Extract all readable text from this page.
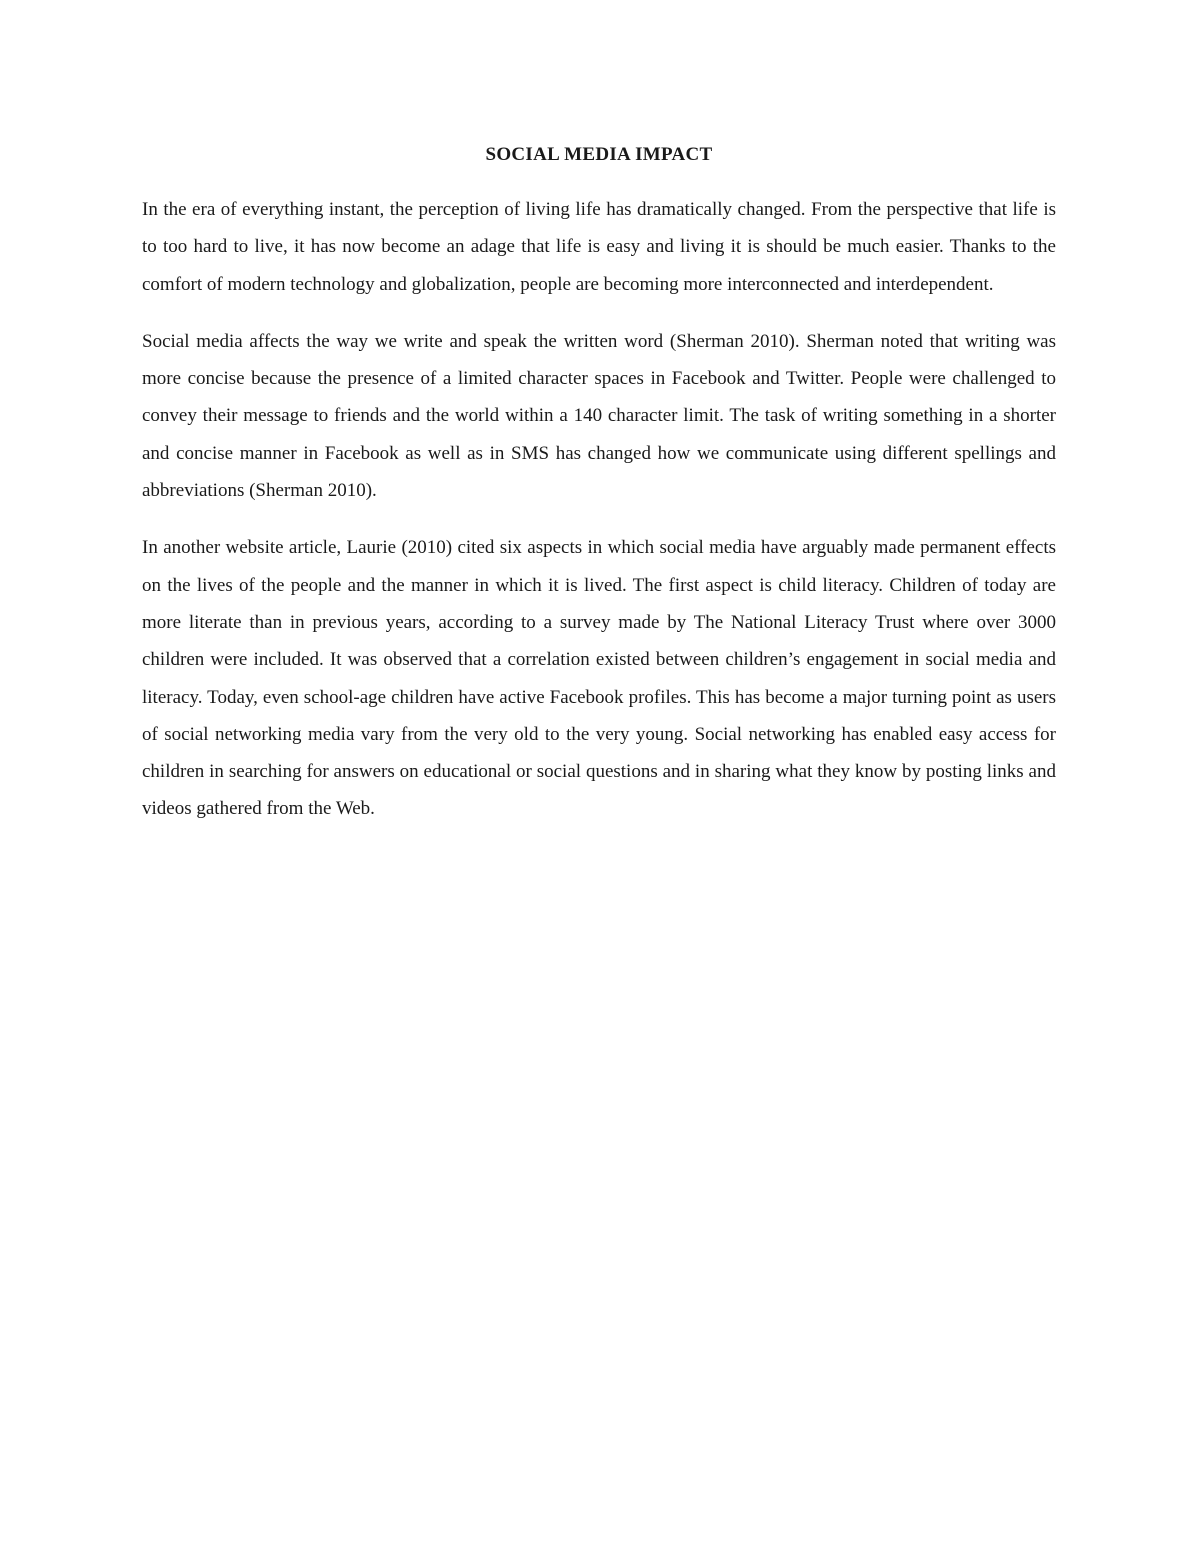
SOCIAL MEDIA IMPACT

In the era of everything instant, the perception of living life has dramatically changed. From the perspective that life is to too hard to live, it has now become an adage that life is easy and living it is should be much easier. Thanks to the comfort of modern technology and globalization, people are becoming more interconnected and interdependent.

Social media affects the way we write and speak the written word (Sherman 2010). Sherman noted that writing was more concise because the presence of a limited character spaces in Facebook and Twitter. People were challenged to convey their message to friends and the world within a 140 character limit. The task of writing something in a shorter and concise manner in Facebook as well as in SMS has changed how we communicate using different spellings and abbreviations (Sherman 2010).

In another website article, Laurie (2010) cited six aspects in which social media have arguably made permanent effects on the lives of the people and the manner in which it is lived. The first aspect is child literacy. Children of today are more literate than in previous years, according to a survey made by The National Literacy Trust where over 3000 children were included. It was observed that a correlation existed between children’s engagement in social media and literacy. Today, even school-age children have active Facebook profiles. This has become a major turning point as users of social networking media vary from the very old to the very young. Social networking has enabled easy access for children in searching for answers on educational or social questions and in sharing what they know by posting links and videos gathered from the Web.
